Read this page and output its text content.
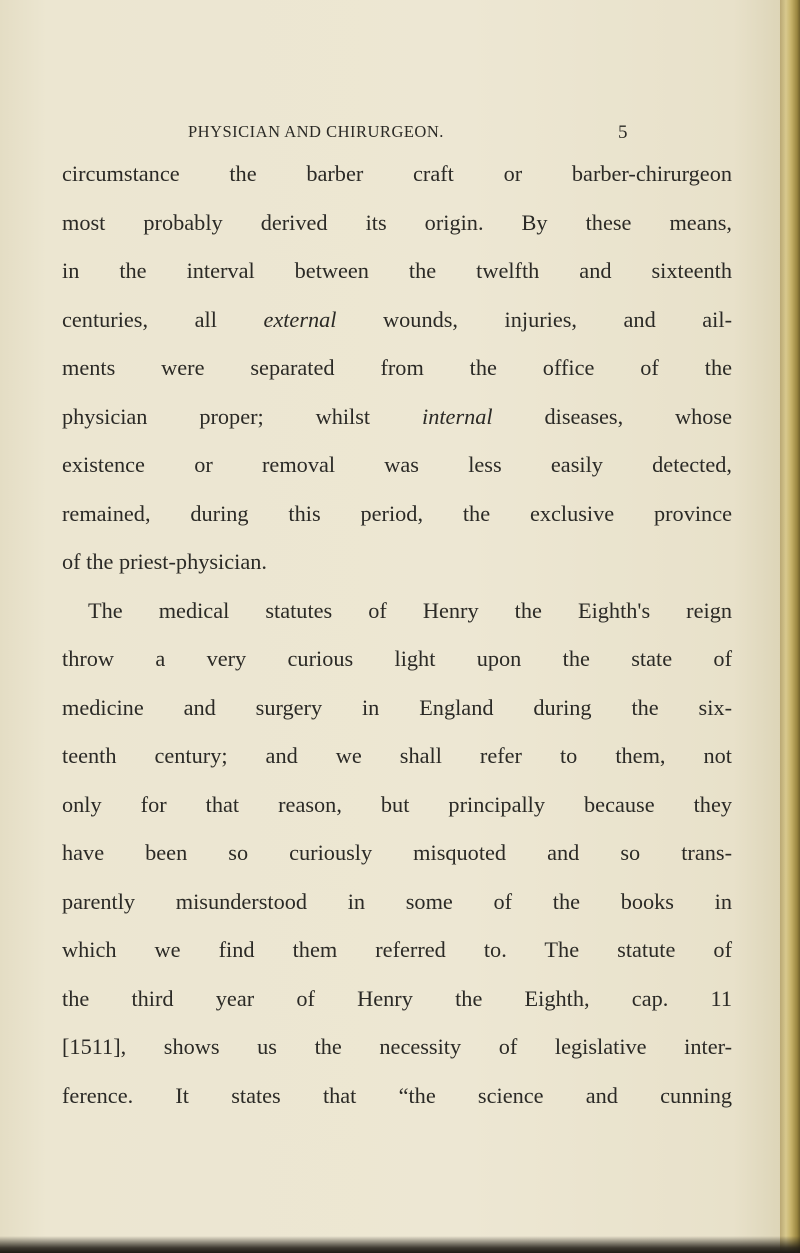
PHYSICIAN AND CHIRURGEON.	5
circumstance the barber craft or barber-chirurgeon
most probably derived its origin. By these means,
in the interval between the twelfth and sixteenth
centuries, all external wounds, injuries, and ail-
ments were separated from the office of the
physician proper; whilst internal diseases, whose
existence or removal was less easily detected,
remained, during this period, the exclusive province
of the priest-physician.
The medical statutes of Henry the Eighth's reign
throw a very curious light upon the state of
medicine and surgery in England during the six-
teenth century; and we shall refer to them, not
only for that reason, but principally because they
have been so curiously misquoted and so trans-
parently misunderstood in some of the books in
which we find them referred to. The statute of
the third year of Henry the Eighth, cap. 11
[1511], shows us the necessity of legislative inter-
ference. It states that “the science and cunning
